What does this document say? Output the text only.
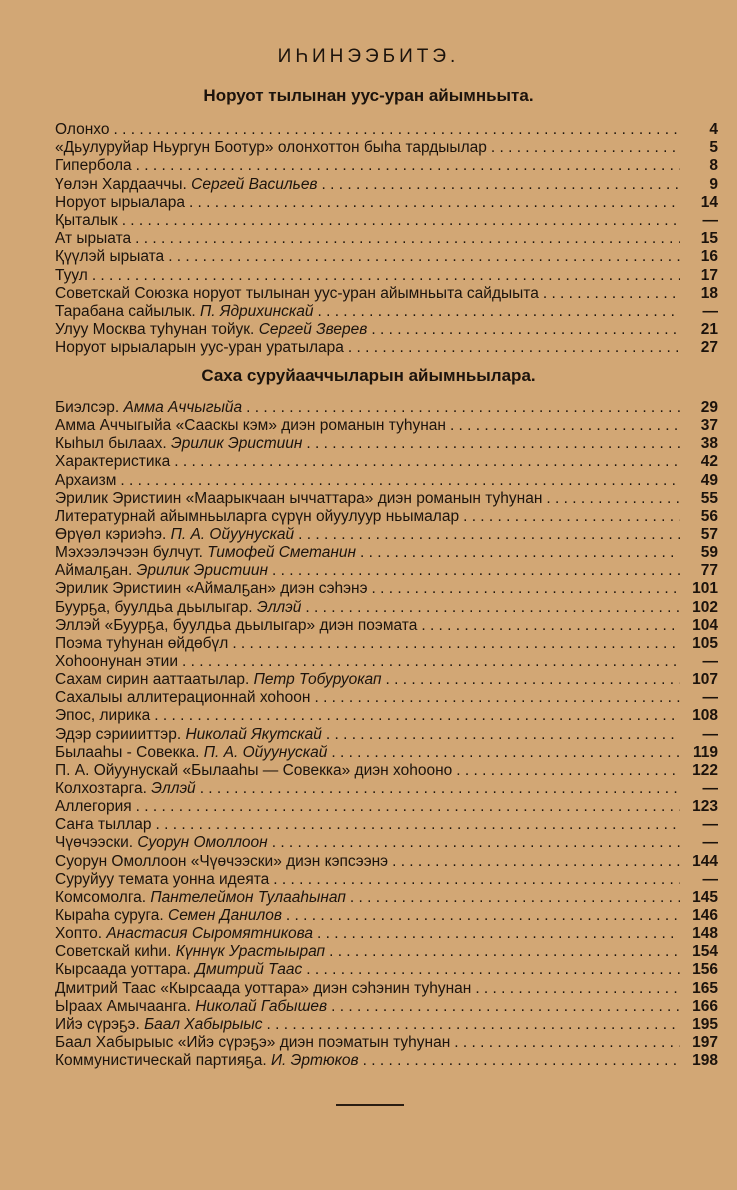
ИҺИНЭЭБИТЭ.
Норуот тылынан уус-уран айымньыта.
Олонхо . . .	4
«Дьулуруйар Ньургун Боотур» олонхоттон быһа тардыылар . . .	5
Гипербола . . .	8
Үөлэн Хардааччы. Сергей Васильев . . .	9
Норуот ырыалара . . .	14
Қыталык . . .	—
Ат ырыата . . .	15
Қүүлэй ырыата . . .	16
Туул . . .	17
Советскай Союзка норуот тылынан уус-уран айымньыта сайдыыта . . .	18
Тарабана сайылык. П. Ядрихинскай . . .	—
Улуу Москва туһунан тойук. Сергей Зверев . . .	21
Норуот ырыаларын уус-уран уратылара . . .	27
Саха суруйааччыларын айымньылара.
Биэлсэр. Амма Аччыгыйа . . .	29
Амма Аччыгыйа «Сааскы кэм» диэн романын туһунан . . .	37
Кыһыл былаах. Эрилик Эристиин . . .	38
Характеристика . . .	42
Архаизм . . .	49
Эрилик Эристиин «Маарыкчаан ыччаттара» диэн романын туһунан . . .	55
Литературнай айымньыларга сүрүн ойуулуур ньымалар . . .	56
Өрүөл кэриэһэ. П. А. Ойуунускай . . .	57
Мэхээлэчээн булчут. Тимофей Сметанин . . .	59
Аймалҕан. Эрилик Эристиин . . .	77
Эрилик Эристиин «Аймалҕан» диэн сэһэнэ . . .	101
Буурҕа, буулдьа дьылыгар. Эллэй . . .	102
Эллэй «Буурҕа, буулдьа дьылыгар» диэн поэмата . . .	104
Поэма туһунан өйдөбүл . . .	105
Хоһоонунан этии . . .	—
Сахам сирин ааттаатылар. Петр Тобуруокап . . .	107
Сахалыы аллитерационнай хоһоон . . .	—
Эпос, лирика . . .	108
Эдэр сэриииттэр. Николай Якутскай . . .	—
Былааһы - Совекка. П. А. Ойуунускай . . .	119
П. А. Ойуунускай «Былааһы — Совекка» диэн хоһооно . . .	122
Колхозтарга. Эллэй . . .	—
Аллегория . . .	123
Саҥа тыллар . . .	—
Чүөчээски. Суорун Омоллоон . . .	—
Суорун Омоллоон «Чүөчээски» диэн кэпсээнэ . . .	144
Суруйуу темата уонна идеята . . .	—
Комсомолга. Пантелеймон Тулааһынап . . .	145
Кыраһа суруга. Семен Данилов . . .	146
Хопто. Анастасия Сыромятникова . . .	148
Советскай киһи. Күннүк Урастыырап . . .	154
Кырсаада уоттара. Дмитрий Таас . . .	156
Дмитрий Таас «Кырсаада уоттара» диэн сэһэнин туһунан . . .	165
Ыраах Амычаанга. Николай Габышев . . .	166
Ийэ сүрэҕэ. Баал Хабырыыс . . .	195
Баал Хабырыыс «Ийэ сүрэҕэ» диэн поэматын туһунан . . .	197
Коммунистическай партияҕа. И. Эртюков . . .	198
